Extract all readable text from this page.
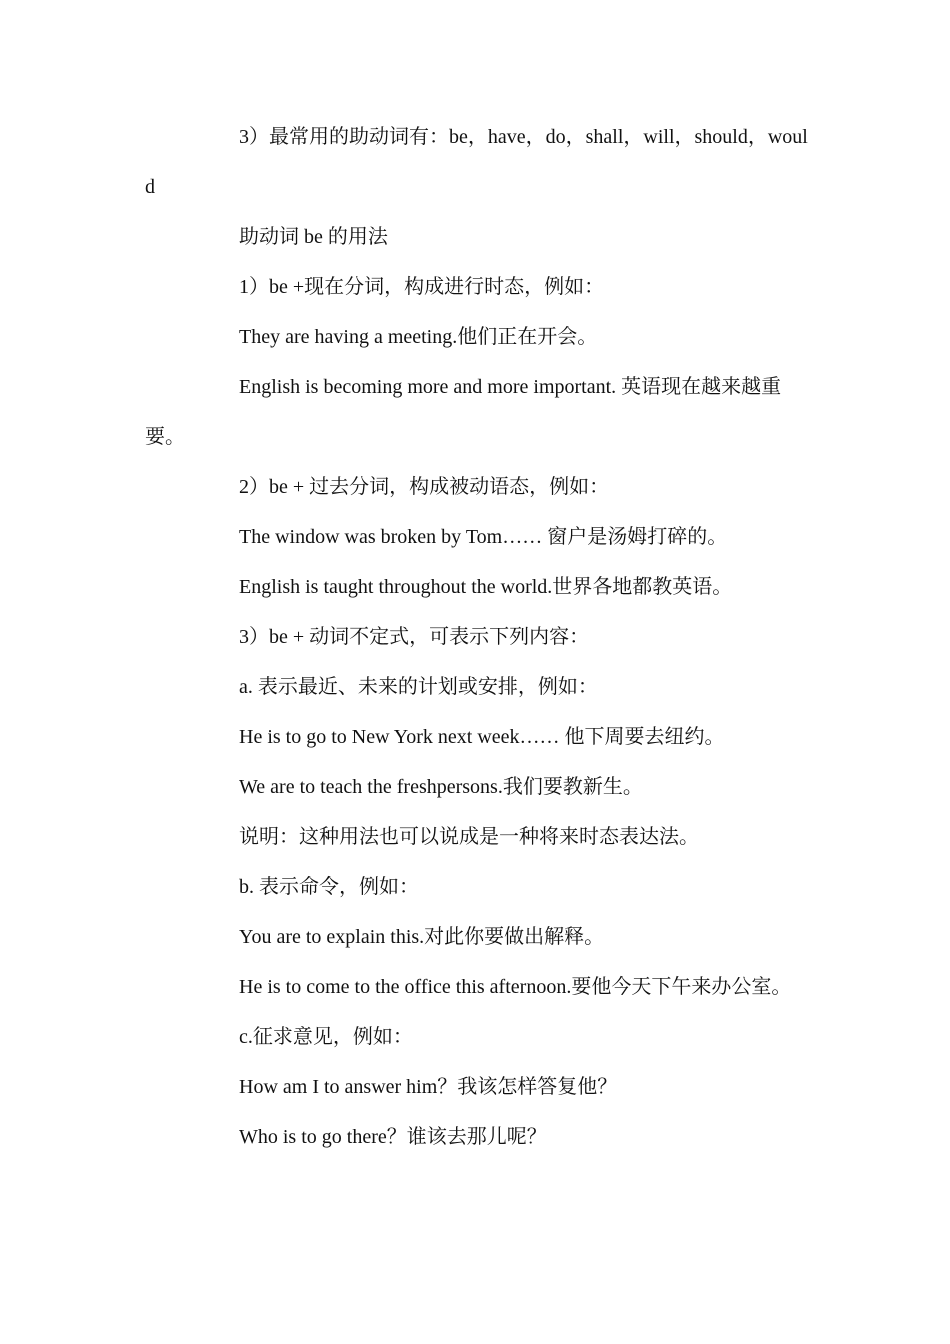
3）最常用的助动词有：be，have，do，shall，will，should，would

助动词 be 的用法

1）be +现在分词，构成进行时态，例如：

They are having a meeting.他们正在开会。

English is becoming more and more important. 英语现在越来越重要。

2）be + 过去分词，构成被动语态，例如：

The window was broken by Tom…… 窗户是汤姆打碎的。

English is taught throughout the world.世界各地都教英语。

3）be + 动词不定式，可表示下列内容：

a. 表示最近、未来的计划或安排，例如：

He is to go to New York next week…… 他下周要去纽约。

We are to teach the freshpersons.我们要教新生。

说明：这种用法也可以说成是一种将来时态表达法。

b. 表示命令，例如：

You are to explain this.对此你要做出解释。

He is to come to the office this afternoon.要他今天下午来办公室。

c.征求意见，例如：

How am I to answer him？我该怎样答复他？

Who is to go there？谁该去那儿呢？
